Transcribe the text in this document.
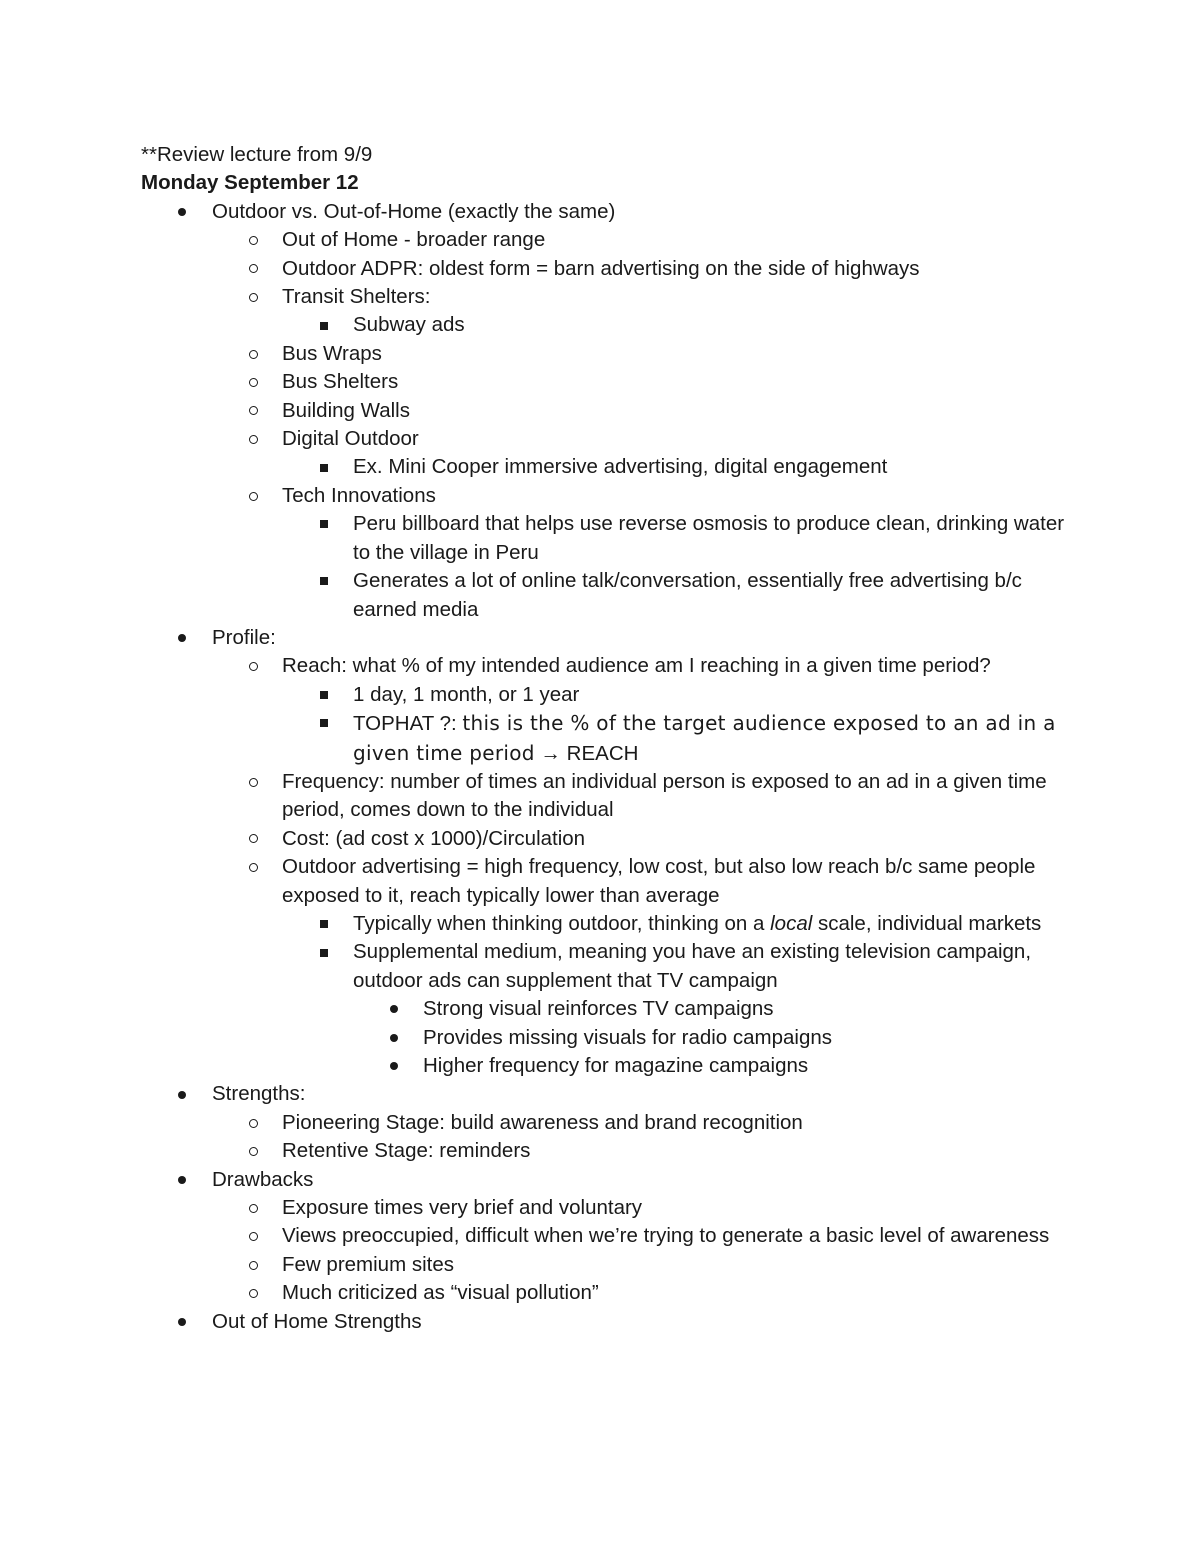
**Review lecture from 9/9
Monday September 12
Outdoor vs. Out-of-Home (exactly the same)
Out of Home - broader range
Outdoor ADPR: oldest form = barn advertising on the side of highways
Transit Shelters:
Subway ads
Bus Wraps
Bus Shelters
Building Walls
Digital Outdoor
Ex. Mini Cooper immersive advertising, digital engagement
Tech Innovations
Peru billboard that helps use reverse osmosis to produce clean, drinking water to the village in Peru
Generates a lot of online talk/conversation, essentially free advertising b/c earned media
Profile:
Reach: what % of my intended audience am I reaching in a given time period?
1 day, 1 month, or 1 year
TOPHAT ?: this is the % of the target audience exposed to an ad in a given time period → REACH
Frequency: number of times an individual person is exposed to an ad in a given time period, comes down to the individual
Cost: (ad cost x 1000)/Circulation
Outdoor advertising = high frequency, low cost, but also low reach b/c same people exposed to it, reach typically lower than average
Typically when thinking outdoor, thinking on a local scale, individual markets
Supplemental medium, meaning you have an existing television campaign, outdoor ads can supplement that TV campaign
Strong visual reinforces TV campaigns
Provides missing visuals for radio campaigns
Higher frequency for magazine campaigns
Strengths:
Pioneering Stage: build awareness and brand recognition
Retentive Stage: reminders
Drawbacks
Exposure times very brief and voluntary
Views preoccupied, difficult when we’re trying to generate a basic level of awareness
Few premium sites
Much criticized as “visual pollution”
Out of Home Strengths
